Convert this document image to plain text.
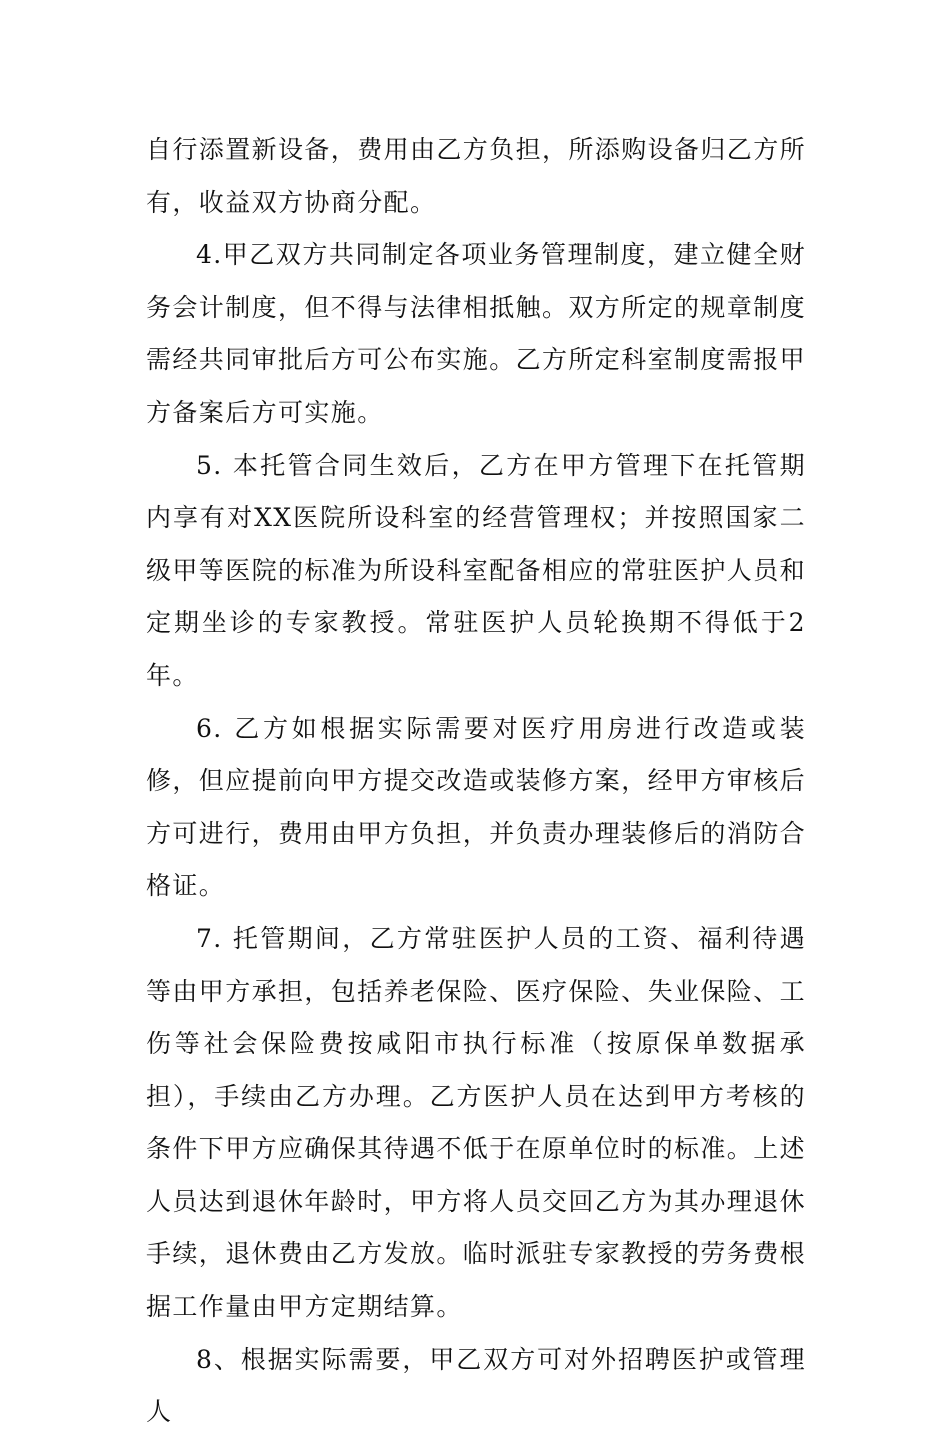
自行添置新设备，费用由乙方负担，所添购设备归乙方所有，收益双方协商分配。

4.甲乙双方共同制定各项业务管理制度，建立健全财务会计制度，但不得与法律相抵触。双方所定的规章制度需经共同审批后方可公布实施。乙方所定科室制度需报甲方备案后方可实施。

5. 本托管合同生效后，乙方在甲方管理下在托管期内享有对XX医院所设科室的经营管理权；并按照国家二级甲等医院的标准为所设科室配备相应的常驻医护人员和定期坐诊的专家教授。常驻医护人员轮换期不得低于2年。

6. 乙方如根据实际需要对医疗用房进行改造或装修，但应提前向甲方提交改造或装修方案，经甲方审核后方可进行，费用由甲方负担，并负责办理装修后的消防合格证。

7. 托管期间，乙方常驻医护人员的工资、福利待遇等由甲方承担，包括养老保险、医疗保险、失业保险、工伤等社会保险费按咸阳市执行标准（按原保单数据承担），手续由乙方办理。乙方医护人员在达到甲方考核的条件下甲方应确保其待遇不低于在原单位时的标准。上述人员达到退休年龄时，甲方将人员交回乙方为其办理退休手续，退休费由乙方发放。临时派驻专家教授的劳务费根据工作量由甲方定期结算。

8、根据实际需要，甲乙双方可对外招聘医护或管理人
